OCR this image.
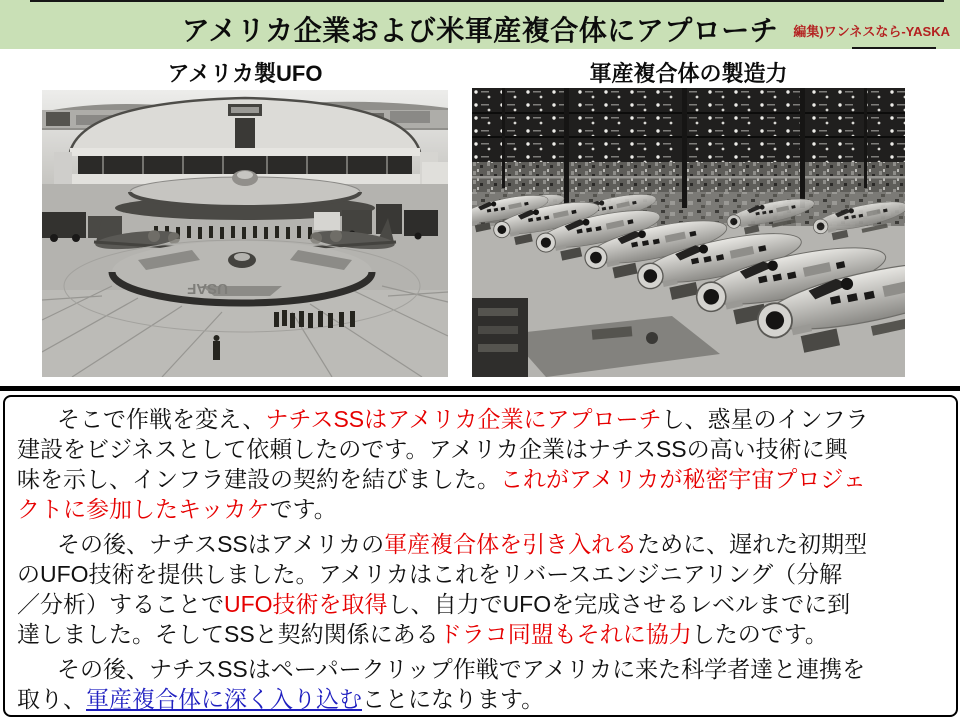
アメリカ企業および米軍産複合体にアプローチ	編集)ワンネスなら-YASKA
アメリカ製UFO	軍産複合体の製造力
USAF
そこで作戦を変え、ナチスSSはアメリカ企業にアプローチし、惑星のインフラ
建設をビジネスとして依頼したのです。アメリカ企業はナチスSSの高い技術に興
味を示し、インフラ建設の契約を結びました。これがアメリカが秘密宇宙プロジェ
クトに参加したキッカケです。
その後、ナチスSSはアメリカの軍産複合体を引き入れるために、遅れた初期型
のUFO技術を提供しました。アメリカはこれをリバースエンジニアリング（分解
／分析）することでUFO技術を取得し、自力でUFOを完成させるレベルまでに到
達しました。そしてSSと契約関係にあるドラコ同盟もそれに協力したのです。
その後、ナチスSSはペーパークリップ作戦でアメリカに来た科学者達と連携を
取り、軍産複合体に深く入り込むことになります。
